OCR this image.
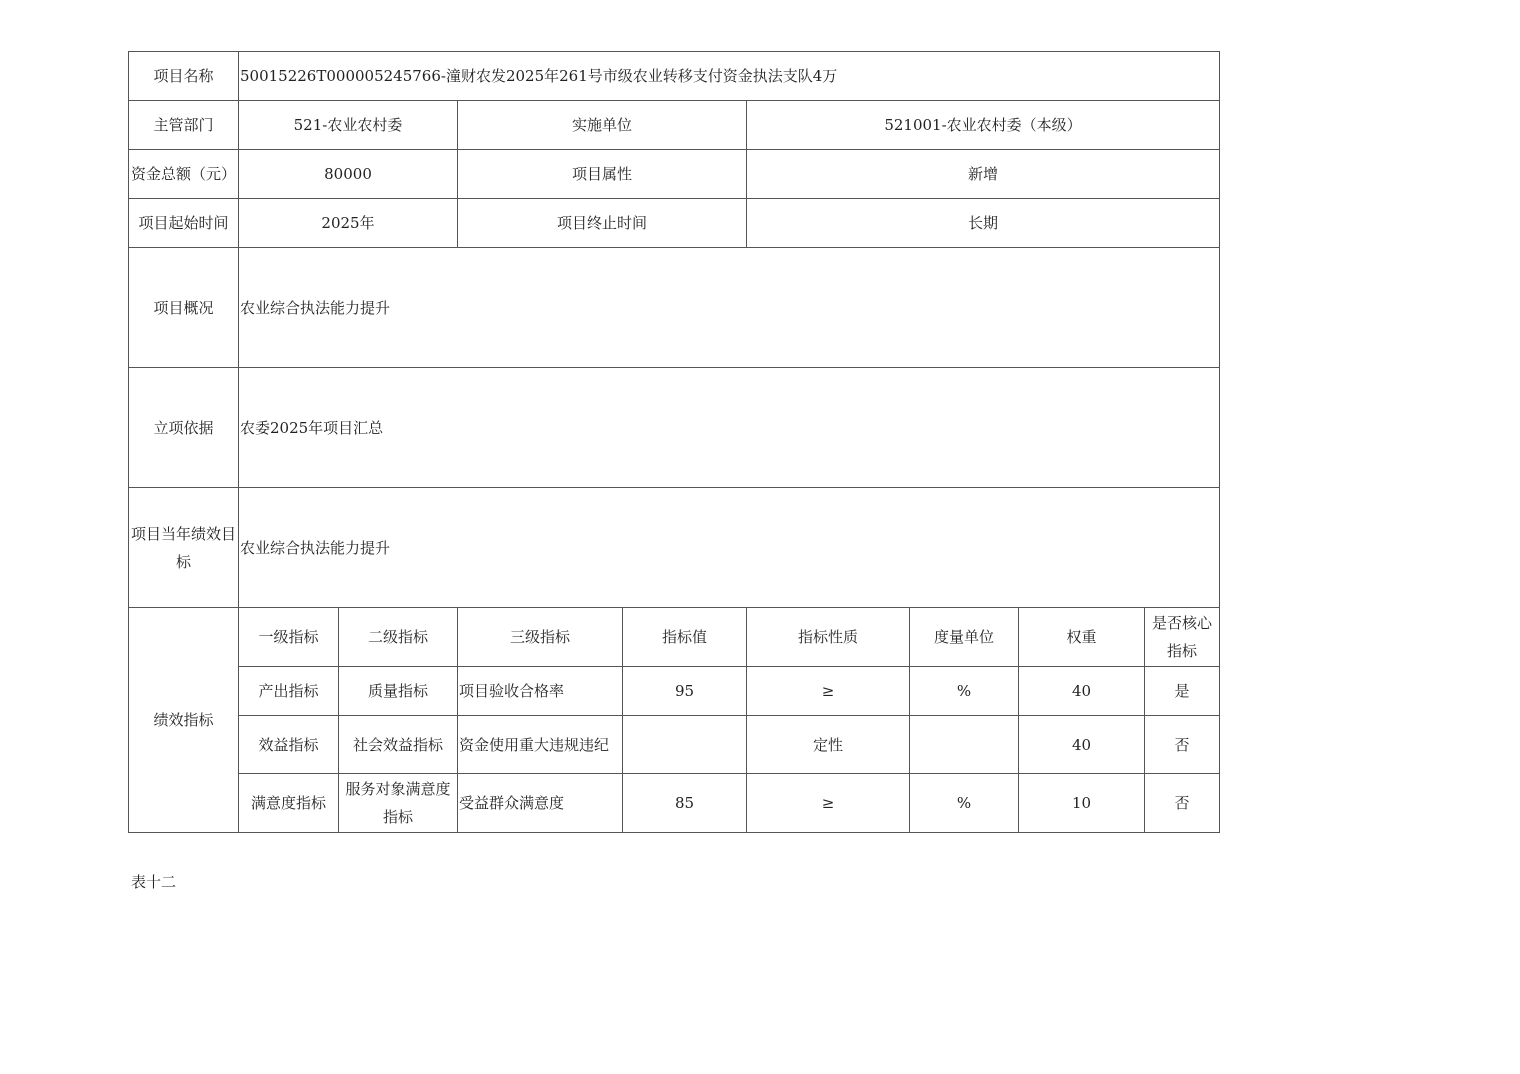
项目名称	50015226T000005245766-潼财农发2025年261号市级农业转移支付资金执法支队4万							
主管部门	521-农业农村委		实施单位		521001-农业农村委（本级）			
资金总额（元）	80000		项目属性		新增			
项目起始时间	2025年		项目终止时间		长期			
项目概况	农业综合执法能力提升							
立项依据	农委2025年项目汇总							
项目当年绩效目标	农业综合执法能力提升							
绩效指标	一级指标	二级指标	三级指标	指标值	指标性质	度量单位	权重	是否核心指标
	产出指标	质量指标	项目验收合格率	95	≥	%	40	是
	效益指标	社会效益指标	资金使用重大违规违纪		定性		40	否
	满意度指标	服务对象满意度指标	受益群众满意度	85	≥	%	10	否
表十二
